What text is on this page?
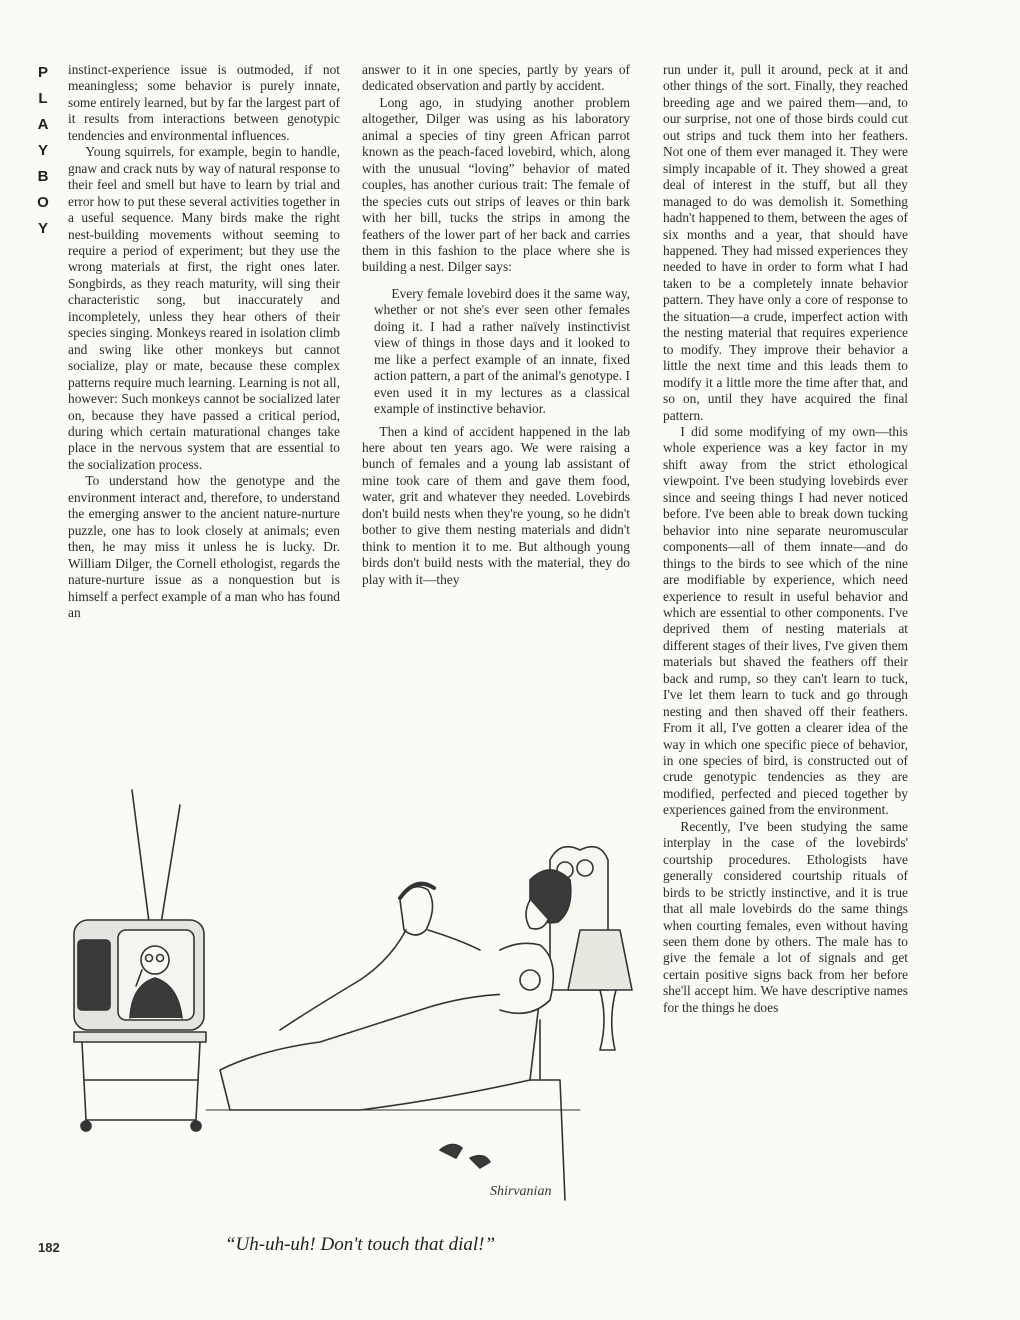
P
L
A
Y
B
O
Y

instinct-experience issue is outmoded, if not meaningless; some behavior is purely innate, some entirely learned, but by far the largest part of it results from interactions between genotypic tendencies and environmental influences.

Young squirrels, for example, begin to handle, gnaw and crack nuts by way of natural response to their feel and smell but have to learn by trial and error how to put these several activities together in a useful sequence. Many birds make the right nest-building movements without seeming to require a period of experiment; but they use the wrong materials at first, the right ones later. Songbirds, as they reach maturity, will sing their characteristic song, but inaccurately and incompletely, unless they hear others of their species singing. Monkeys reared in isolation climb and swing like other monkeys but cannot socialize, play or mate, because these complex patterns require much learning. Learning is not all, however: Such monkeys cannot be socialized later on, because they have passed a critical period, during which certain maturational changes take place in the nervous system that are essential to the socialization process.

To understand how the genotype and the environment interact and, therefore, to understand the emerging answer to the ancient nature-nurture puzzle, one has to look closely at animals; even then, he may miss it unless he is lucky. Dr. William Dilger, the Cornell ethologist, regards the nature-nurture issue as a nonquestion but is himself a perfect example of a man who has found an

answer to it in one species, partly by years of dedicated observation and partly by accident.

Long ago, in studying another problem altogether, Dilger was using as his laboratory animal a species of tiny green African parrot known as the peach-faced lovebird, which, along with the unusual “loving” behavior of mated couples, has another curious trait: The female of the species cuts out strips of leaves or thin bark with her bill, tucks the strips in among the feathers of the lower part of her back and carries them in this fashion to the place where she is building a nest. Dilger says:

Every female lovebird does it the same way, whether or not she's ever seen other females doing it. I had a rather naïvely instinctivist view of things in those days and it looked to me like a perfect example of an innate, fixed action pattern, a part of the animal's genotype. I even used it in my lectures as a classical example of instinctive behavior.

Then a kind of accident happened in the lab here about ten years ago. We were raising a bunch of females and a young lab assistant of mine took care of them and gave them food, water, grit and whatever they needed. Lovebirds don't build nests when they're young, so he didn't bother to give them nesting materials and didn't think to mention it to me. But although young birds don't build nests with the material, they do play with it—they

run under it, pull it around, peck at it and other things of the sort. Finally, they reached breeding age and we paired them—and, to our surprise, not one of those birds could cut out strips and tuck them into her feathers. Not one of them ever managed it. They were simply incapable of it. They showed a great deal of interest in the stuff, but all they managed to do was demolish it. Something hadn't happened to them, between the ages of six months and a year, that should have happened. They had missed experiences they needed to have in order to form what I had taken to be a completely innate behavior pattern. They have only a core of response to the situation—a crude, imperfect action with the nesting material that requires experience to modify. They improve their behavior a little the next time and this leads them to modify it a little more the time after that, and so on, until they have acquired the final pattern.

I did some modifying of my own—this whole experience was a key factor in my shift away from the strict ethological viewpoint. I've been studying lovebirds ever since and seeing things I had never noticed before. I've been able to break down tucking behavior into nine separate neuromuscular components—all of them innate—and do things to the birds to see which of the nine are modifiable by experience, which need experience to result in useful behavior and which are essential to other components. I've deprived them of nesting materials at different stages of their lives, I've given them materials but shaved the feathers off their back and rump, so they can't learn to tuck, I've let them learn to tuck and go through nesting and then shaved off their feathers. From it all, I've gotten a clearer idea of the way in which one specific piece of behavior, in one species of bird, is constructed out of crude genotypic tendencies as they are modified, perfected and pieced together by experiences gained from the environment.

Recently, I've been studying the same interplay in the case of the lovebirds' courtship procedures. Ethologists have generally considered courtship rituals of birds to be strictly instinctive, and it is true that all male lovebirds do the same things when courting females, even without having seen them done by others. The male has to give the female a lot of signals and get certain positive signs back from her before she'll accept him. We have descriptive names for the things he does

Shirvanian
“Uh-uh-uh! Don't touch that dial!”
182
